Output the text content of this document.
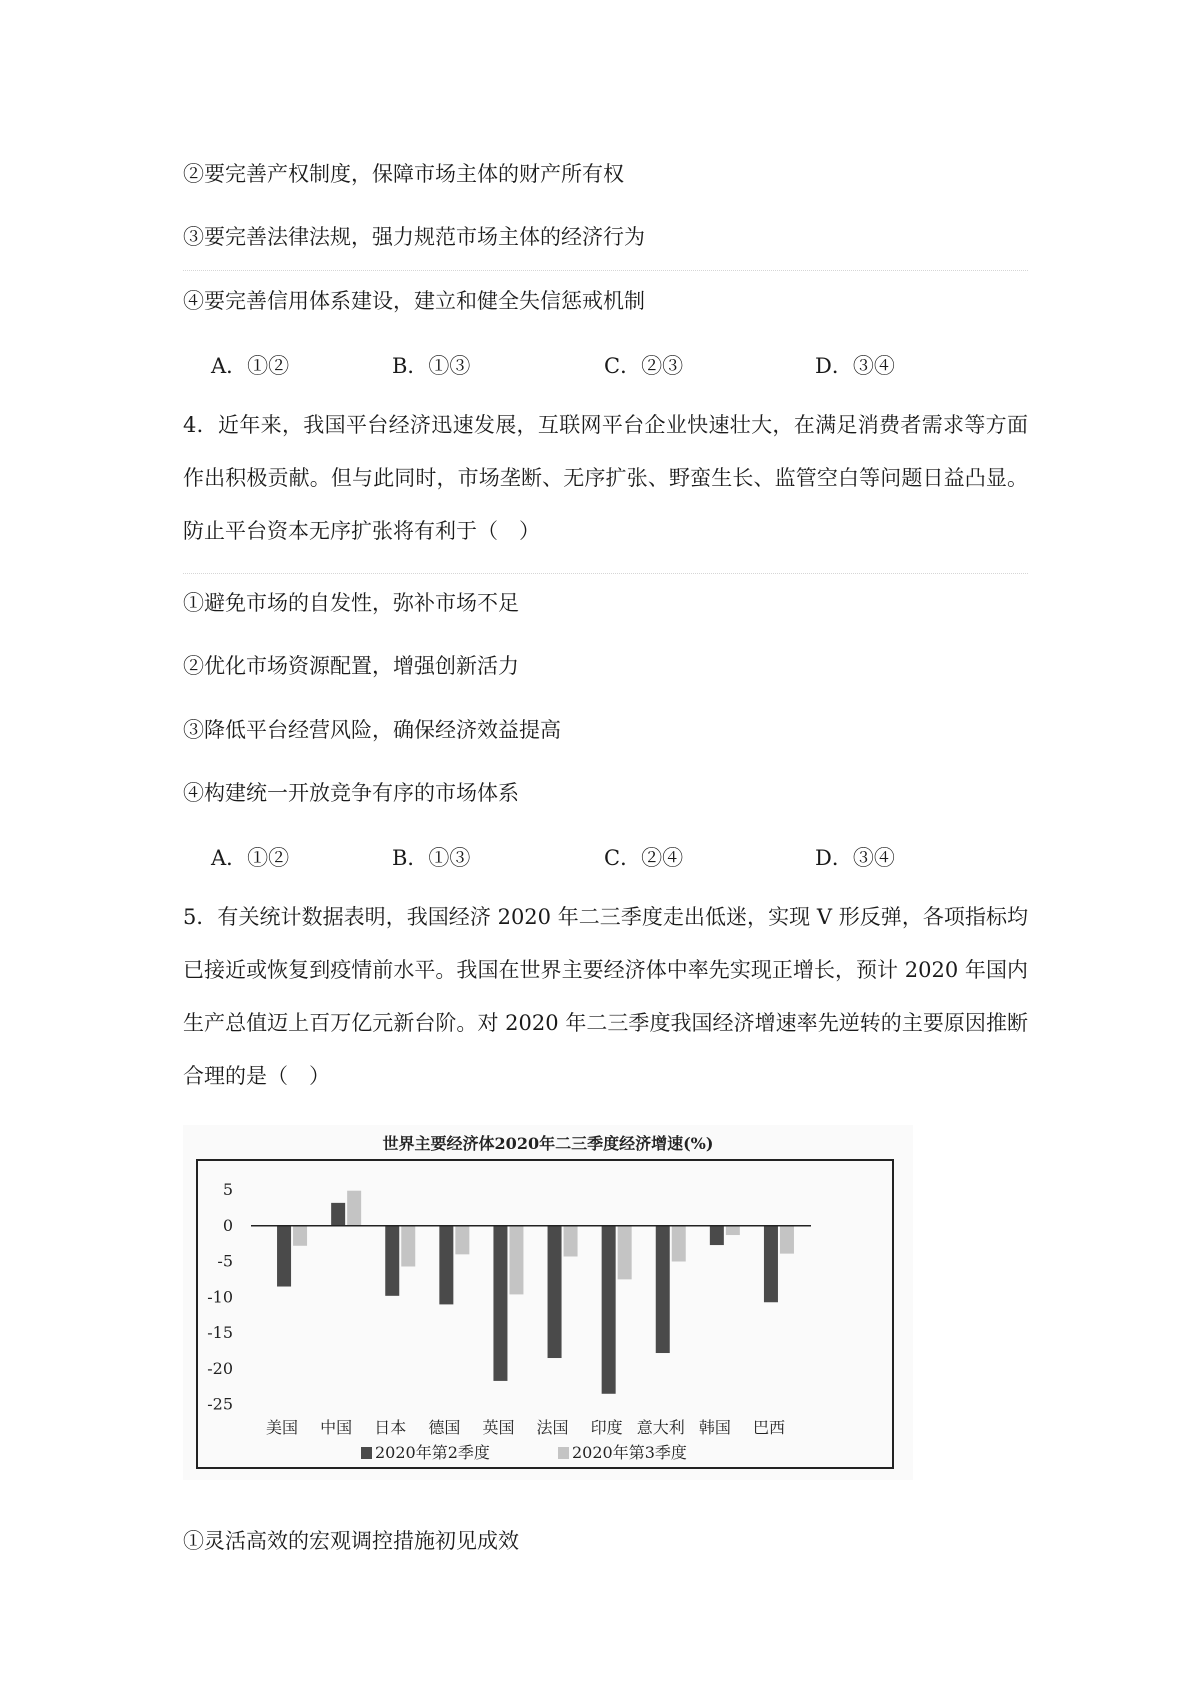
②要完善产权制度，保障市场主体的财产所有权
③要完善法律法规，强力规范市场主体的经济行为
④要完善信用体系建设，建立和健全失信惩戒机制
A．①②	B．①③	C．②③	D．③④
4．近年来，我国平台经济迅速发展，互联网平台企业快速壮大，在满足消费者需求等方面作出积极贡献。但与此同时，市场垄断、无序扩张、野蛮生长、监管空白等问题日益凸显。防止平台资本无序扩张将有利于（　）
①避免市场的自发性，弥补市场不足
②优化市场资源配置，增强创新活力
③降低平台经营风险，确保经济效益提高
④构建统一开放竞争有序的市场体系
A．①②	B．①③	C．②④	D．③④
5．有关统计数据表明，我国经济 2020 年二三季度走出低迷，实现 V 形反弹，各项指标均已接近或恢复到疫情前水平。我国在世界主要经济体中率先实现正增长，预计 2020 年国内生产总值迈上百万亿元新台阶。对 2020 年二三季度我国经济增速率先逆转的主要原因推断合理的是（　）
世界主要经济体2020年二三季度经济增速(%)
5
0
-5
-10
-15
-20
-25
美国 中国 日本 德国 英国 法国 印度 意大利 韩国 巴西
2020年第2季度	2020年第3季度
①灵活高效的宏观调控措施初见成效
